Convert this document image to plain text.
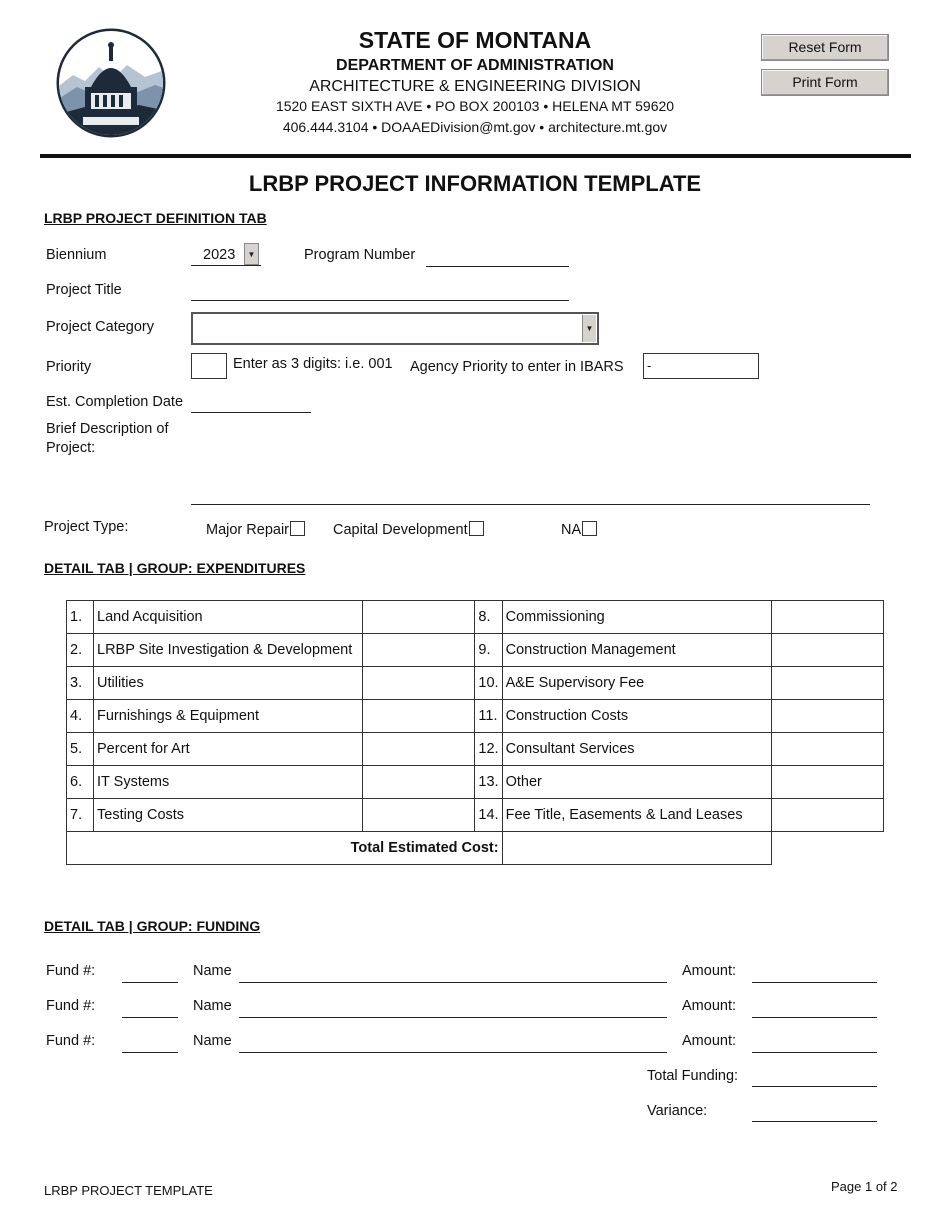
STATE OF MONTANA
DEPARTMENT OF ADMINISTRATION
ARCHITECTURE & ENGINEERING DIVISION
1520 EAST SIXTH AVE • PO BOX 200103 • HELENA MT 59620
406.444.3104 • DOAAEDivision@mt.gov • architecture.mt.gov
Reset Form
Print Form
LRBP PROJECT INFORMATION TEMPLATE
LRBP PROJECT DEFINITION TAB
Biennium	2023	▼	Program Number
Project Title
Project Category	▼
Priority	Enter as 3 digits: i.e. 001 Agency Priority to enter in IBARS -
Est. Completion Date
Brief Description of
Project:
Project Type:	Major Repair	Capital Development	NA
DETAIL TAB | GROUP: EXPENDITURES
1.	Land Acquisition		8.	Commissioning	
2.	LRBP Site Investigation & Development		9.	Construction Management	
3.	Utilities		10.	A&E Supervisory Fee	
4.	Furnishings & Equipment		11.	Construction Costs	
5.	Percent for Art		12.	Consultant Services	
6.	IT Systems		13.	Other	
7.	Testing Costs		14.	Fee Title, Easements & Land Leases	
Total Estimated Cost:					
DETAIL TAB | GROUP: FUNDING
Fund #:	Name	Amount:
Fund #:	Name	Amount:
Fund #:	Name	Amount:
Total Funding:
Variance:
LRBP PROJECT TEMPLATE	Page 1 of 2
